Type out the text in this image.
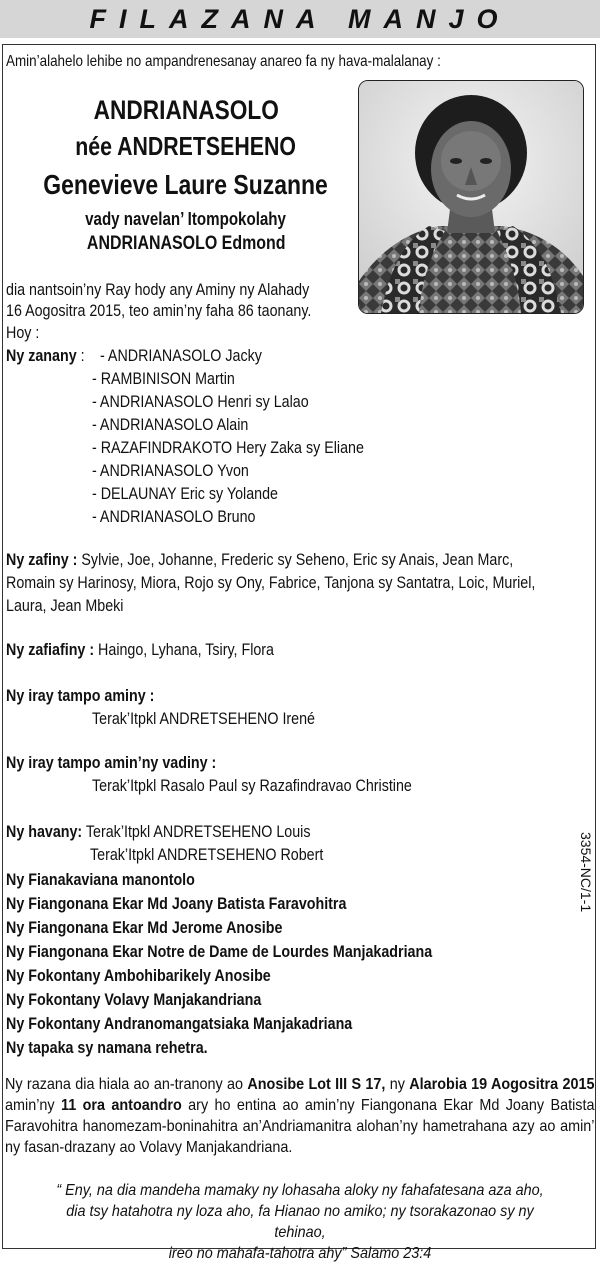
FILAZANA MANJO
Amin’alahelo lehibe no ampandrenesanay anareo fa ny hava-malalanay :
ANDRIANASOLO
née ANDRETSEHENO
Genevieve Laure Suzanne
vady navelan’ Itompokolahy
ANDRIANASOLO Edmond
dia nantsoin’ny Ray hody any Aminy ny Alahady
16 Aogositra 2015, teo amin’ny faha 86 taonany.
Hoy :
Ny zanany : - ANDRIANASOLO Jacky
- RAMBINISON Martin
- ANDRIANASOLO Henri sy Lalao
- ANDRIANASOLO Alain
- RAZAFINDRAKOTO Hery Zaka sy Eliane
- ANDRIANASOLO Yvon
- DELAUNAY Eric sy Yolande
- ANDRIANASOLO Bruno
Ny zafiny : Sylvie, Joe, Johanne, Frederic sy Seheno, Eric sy Anais, Jean Marc,
Romain sy Harinosy, Miora, Rojo sy Ony, Fabrice, Tanjona sy Santatra, Loic, Muriel,
Laura, Jean Mbeki
Ny zafiafiny : Haingo, Lyhana, Tsiry, Flora
Ny iray tampo aminy :
Terak’Itpkl ANDRETSEHENO Irené
Ny iray tampo amin’ny vadiny :
Terak’Itpkl Rasalo Paul sy Razafindravao Christine
Ny havany: Terak’Itpkl ANDRETSEHENO Louis
Terak’Itpkl ANDRETSEHENO Robert
Ny Fianakaviana manontolo
Ny Fiangonana Ekar Md Joany Batista Faravohitra
Ny Fiangonana Ekar Md Jerome Anosibe
Ny Fiangonana Ekar Notre de Dame de Lourdes Manjakadriana
Ny Fokontany Ambohibarikely Anosibe
Ny Fokontany Volavy Manjakandriana
Ny Fokontany Andranomangatsiaka Manjakadriana
Ny tapaka sy namana rehetra.
3354-NC/1-1
Ny razana dia hiala ao an-tranony ao Anosibe Lot III S 17, ny Alarobia 19 Aogositra 2015 amin’ny 11 ora antoandro ary ho entina ao amin’ny Fiangonana Ekar Md Joany Batista Faravohitra hanomezam-boninahitra an’Andriamanitra alohan’ny hametrahana azy ao amin’ ny fasan-drazany ao Volavy Manjakandriana.
“ Eny, na dia mandeha mamaky ny lohasaha aloky ny fahafatesana aza aho,
dia tsy hatahotra ny loza aho, fa Hianao no amiko; ny tsorakazonao sy ny tehinao,
ireo no mahafa-tahotra ahy” Salamo 23:4
